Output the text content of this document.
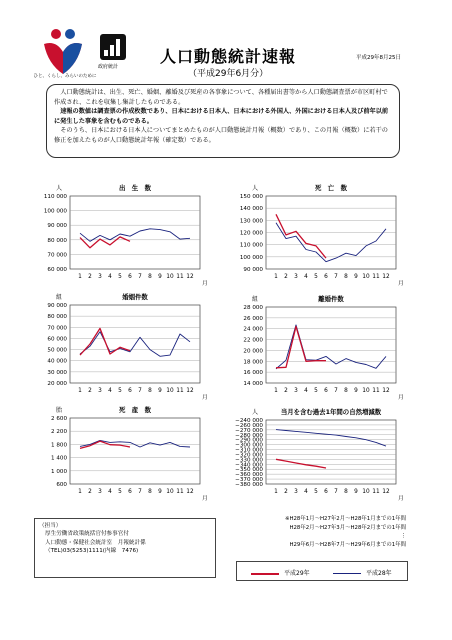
ひと、くらし、みらいのために
政府統計
人口動態統計速報
（平成29年6月分）
平成29年8月25日

人口動態統計は、出生、死亡、婚姻、離婚及び死産の各事象について、各種届出書等から人口動態調査票が市区町村で作成され、これを収集し集計したものである。

速報の数値は調査票の作成枚数であり、日本における日本人、日本における外国人、外国における日本人及び前年以前に発生した事象を含むものである。

そのうち、日本における日本人についてまとめたものが人口動態統計月報（概数）であり、この月報（概数）に若干の修正を加えたものが人口動態統計年報（確定数）である。

110 000
100 000
90 000
80 000
70 000
60 000
1 2 3 4 5 6 7 8 9 10 11 12
月
人	出　生　数
150 000
140 000
130 000
120 000
110 000
100 000
90 000
1 2 3 4 5 6 7 8 9 10 11 12
月
人	死　亡　数
90 000
80 000
70 000
60 000
50 000
40 000
30 000
20 000
1 2 3 4 5 6 7 8 9 10 11 12
月
組	婚姻件数
28 000
26 000
24 000
22 000
20 000
18 000
16 000
14 000
1 2 3 4 5 6 7 8 9 10 11 12
月
組	離婚件数
2 600
2 200
1 800
1 400
1 000
600
1 2 3 4 5 6 7 8 9 10 11 12
月
胎	死　産　数
−240 000
−260 000
−270 000
−280 000
−290 000
−300 000
−310 000
−320 000
−330 000
−340 000
−350 000
−360 000
−370 000
−380 000
1 2 3 4 5 6 7 8 9 10 11 12
月
人	当月を含む過去1年間の自然増減数

（担当）

厚生労働省政策統括官付参事官付

人口動態・保健社会統計室　月報統計係

（TEL)03(5253)1111(内線　7476)

※H28年1月～H27年2月～H28年1月までの1年間

H28年2月～H27年3月～H28年2月までの1年間

⋮

H29年6月～H28年7月～H29年6月までの1年間

平成29年	平成28年
